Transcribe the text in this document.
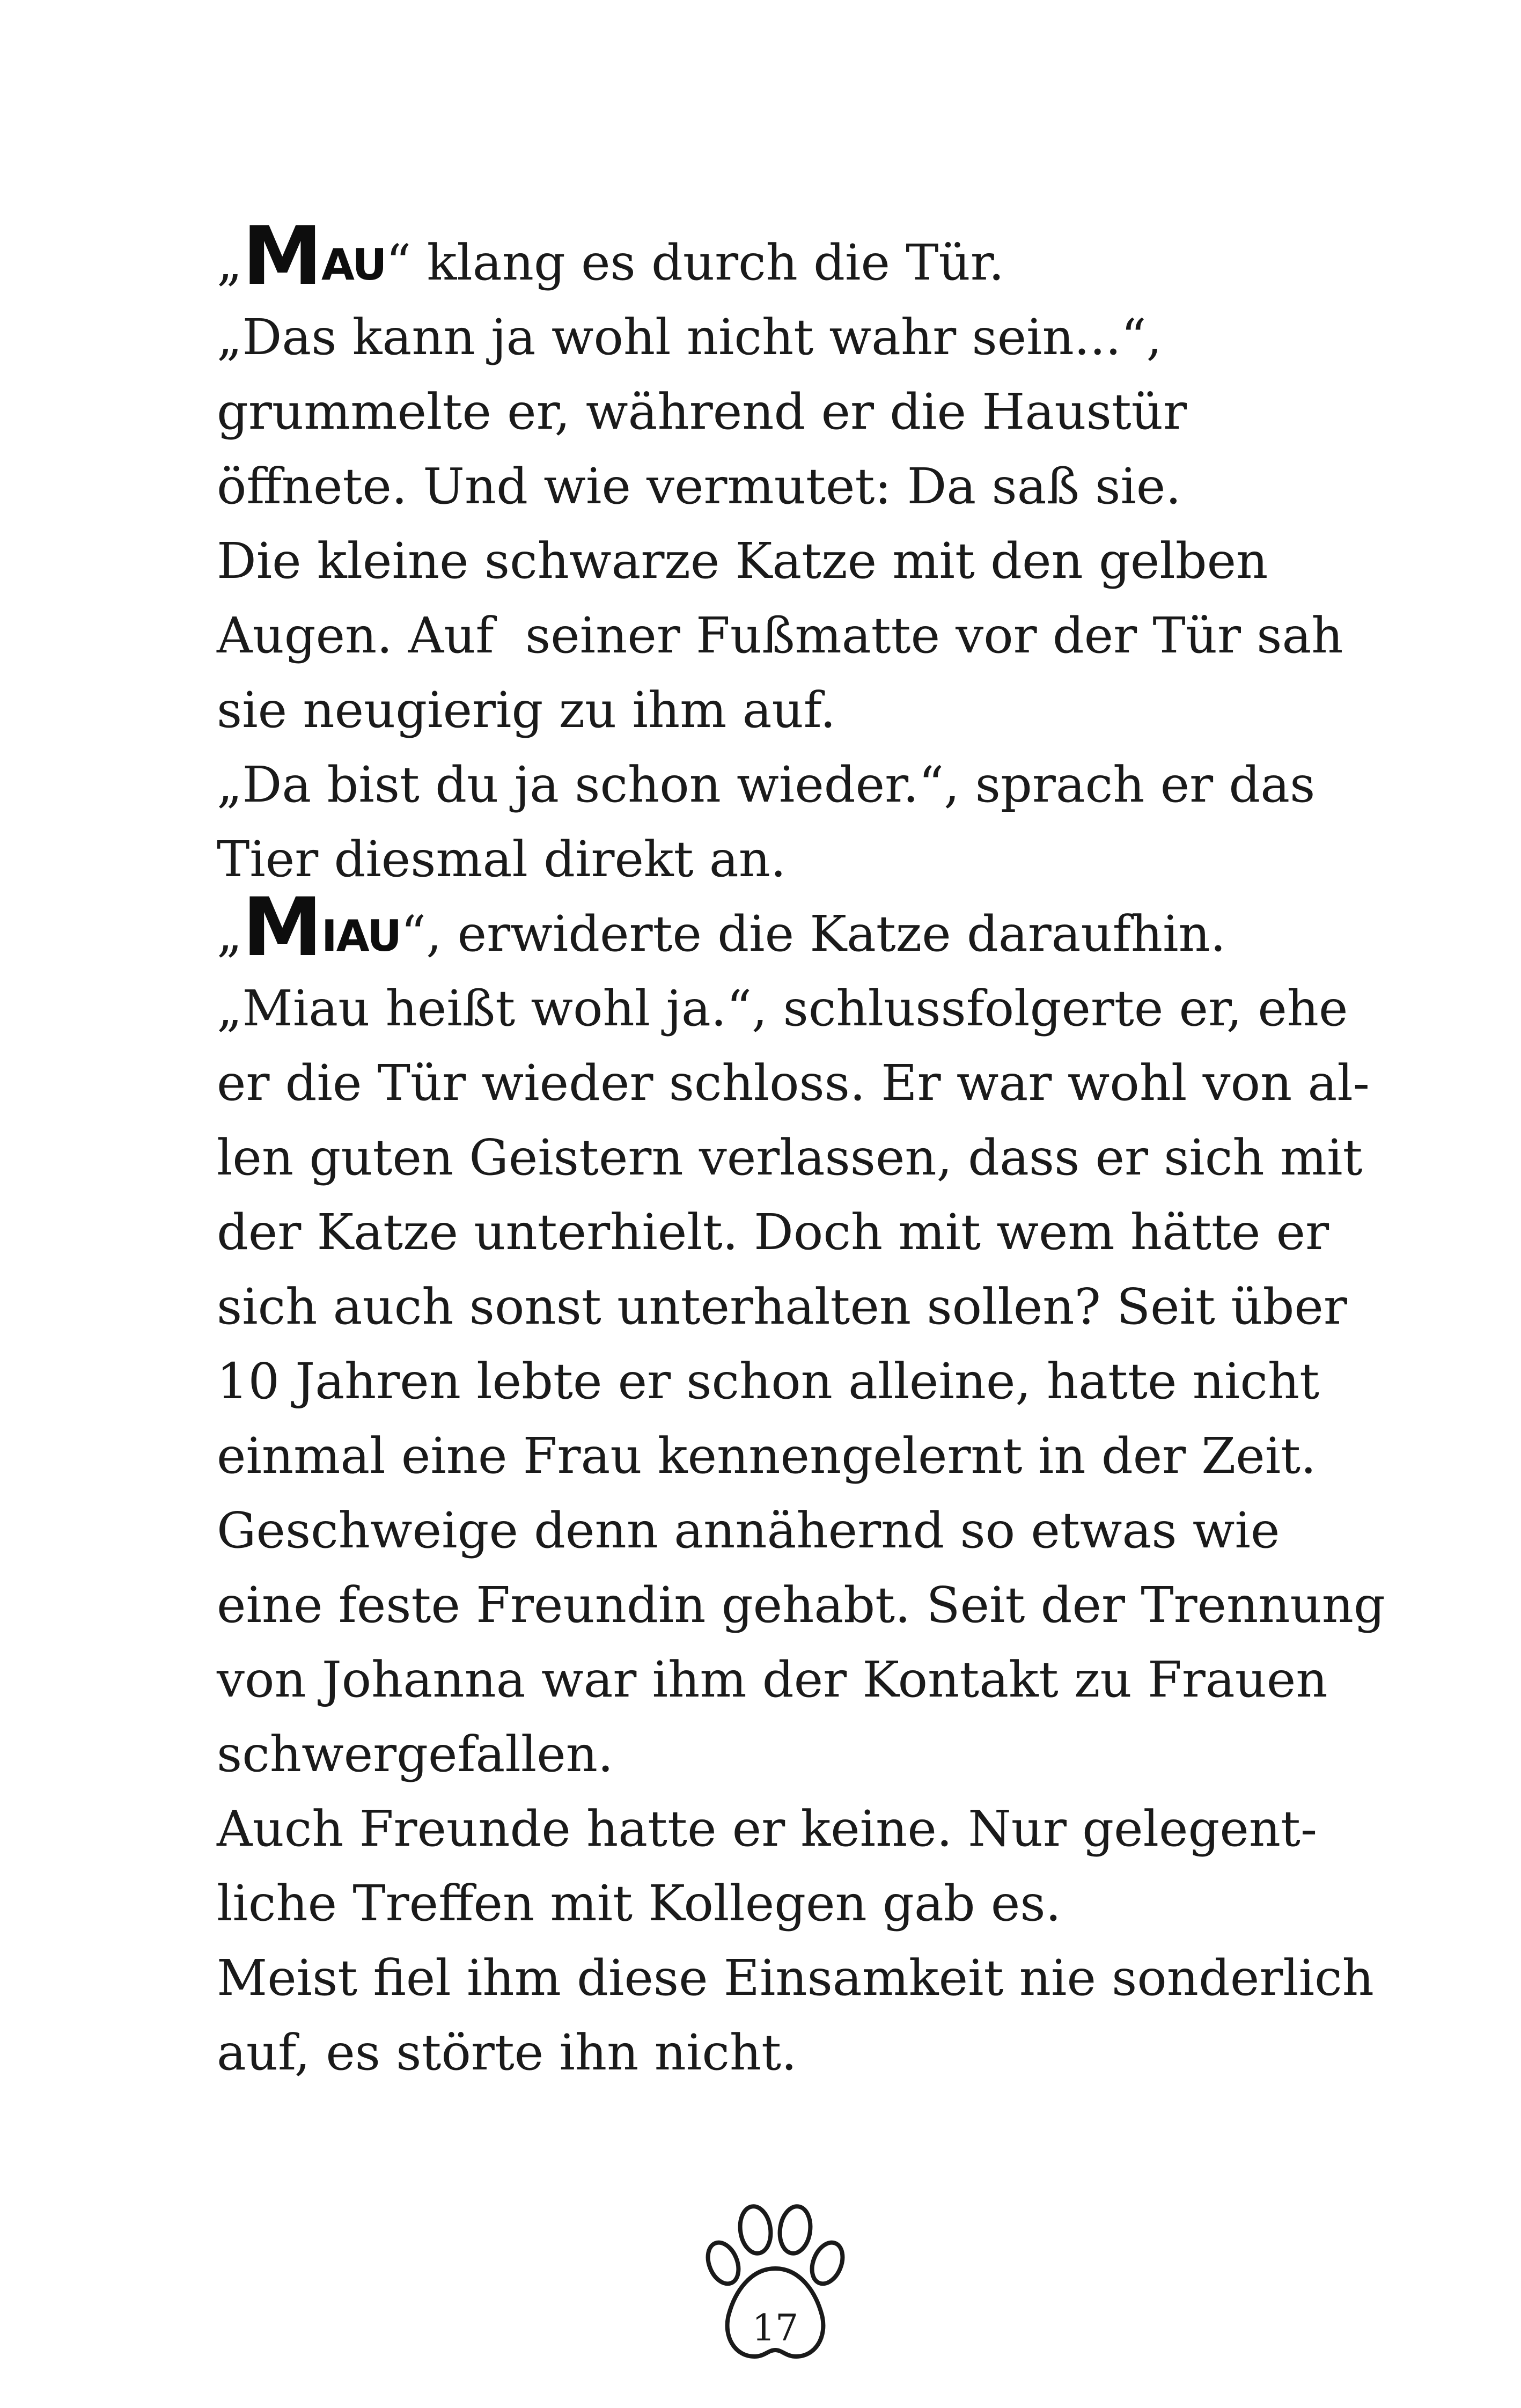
„MAU“ klang es durch die Tür.
„Das kann ja wohl nicht wahr sein...“,
grummelte er, während er die Haustür
öffnete. Und wie vermutet: Da saß sie.
Die kleine schwarze Katze mit den gelben
Augen. Auf  seiner Fußmatte vor der Tür sah
sie neugierig zu ihm auf.
„Da bist du ja schon wieder.“, sprach er das
Tier diesmal direkt an.
„MIAU“, erwiderte die Katze daraufhin.
„Miau heißt wohl ja.“, schlussfolgerte er, ehe
er die Tür wieder schloss. Er war wohl von al-
len guten Geistern verlassen, dass er sich mit
der Katze unterhielt. Doch mit wem hätte er
sich auch sonst unterhalten sollen? Seit über
10 Jahren lebte er schon alleine, hatte nicht
einmal eine Frau kennengelernt in der Zeit.
Geschweige denn annähernd so etwas wie
eine feste Freundin gehabt. Seit der Trennung
von Johanna war ihm der Kontakt zu Frauen
schwergefallen.
Auch Freunde hatte er keine. Nur gelegent-
liche Treffen mit Kollegen gab es.
Meist fiel ihm diese Einsamkeit nie sonderlich
auf, es störte ihn nicht.
17
